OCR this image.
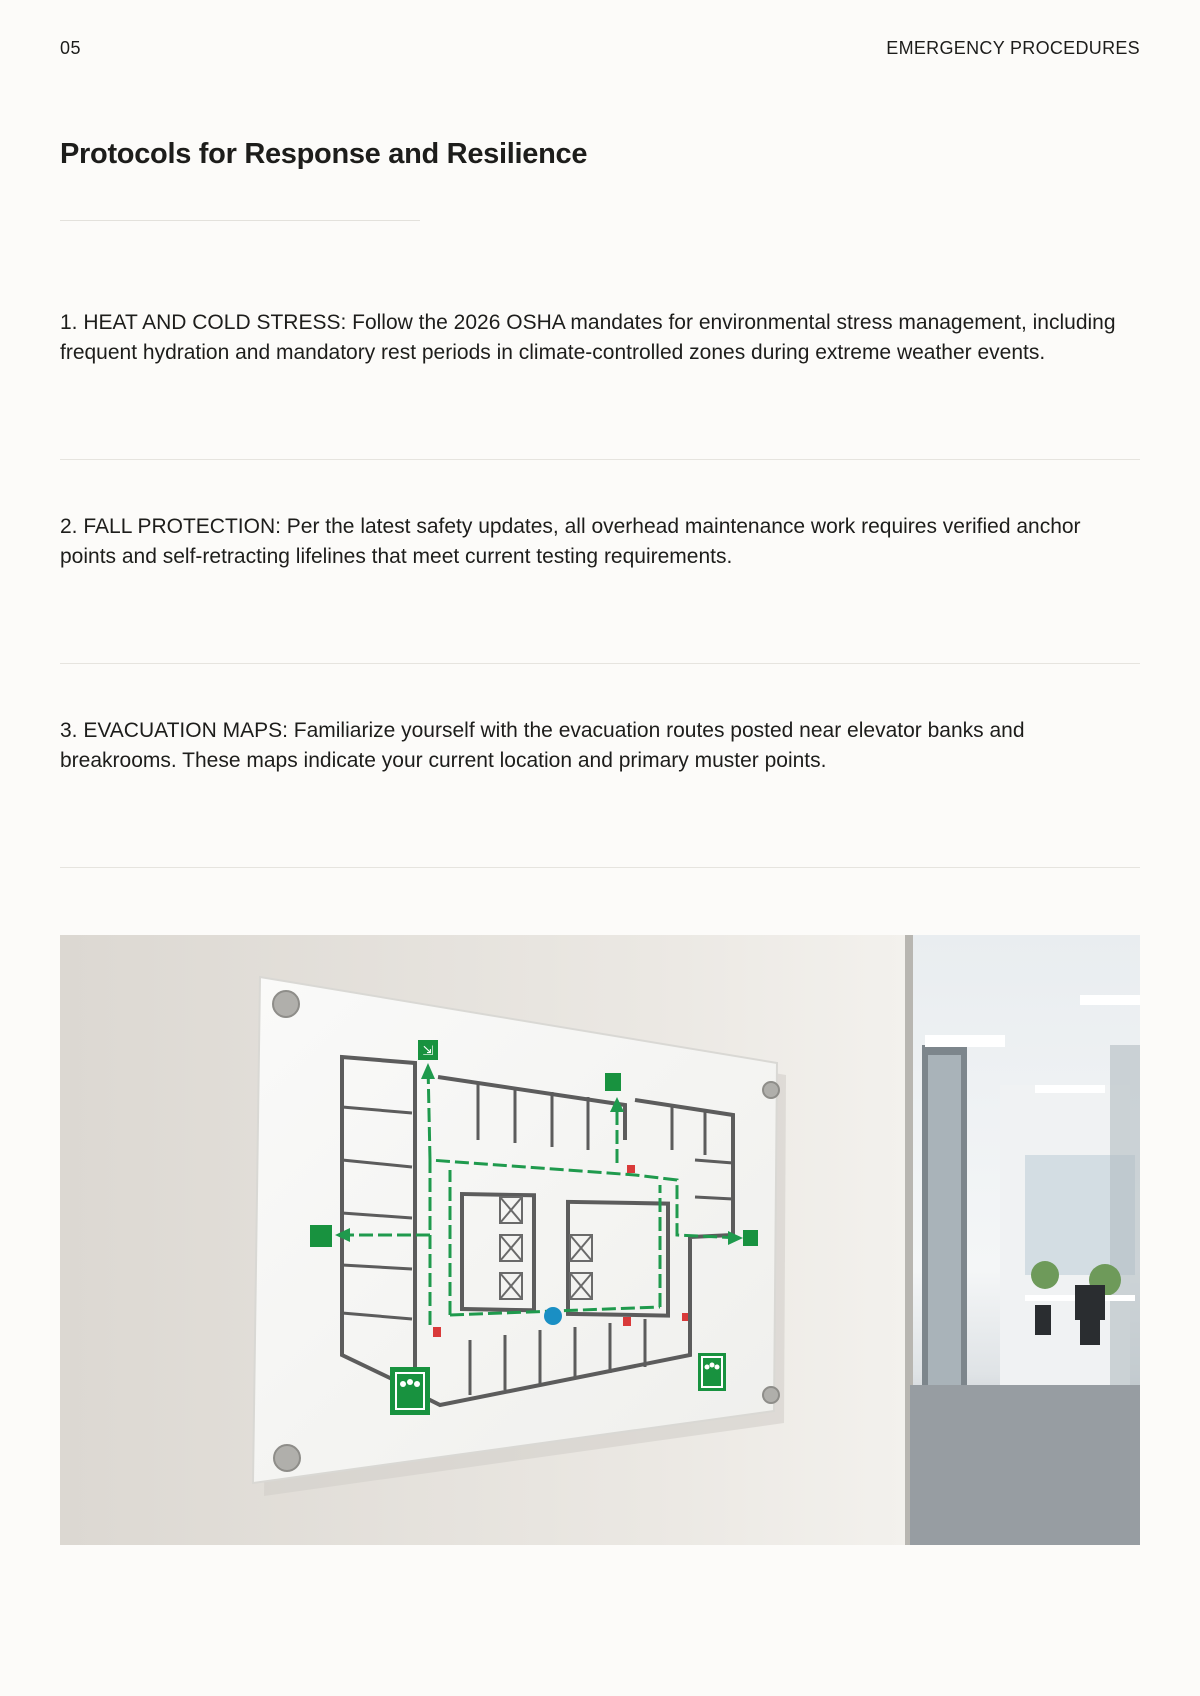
05	EMERGENCY PROCEDURES
Protocols for Response and Resilience

1. HEAT AND COLD STRESS: Follow the 2026 OSHA mandates for environmental stress management, including frequent hydration and mandatory rest periods in climate-controlled zones during extreme weather events.

2. FALL PROTECTION: Per the latest safety updates, all overhead maintenance work requires verified anchor points and self-retracting lifelines that meet current testing requirements.

3. EVACUATION MAPS: Familiarize yourself with the evacuation routes posted near elevator banks and breakrooms. These maps indicate your current location and primary muster points.

⇲
